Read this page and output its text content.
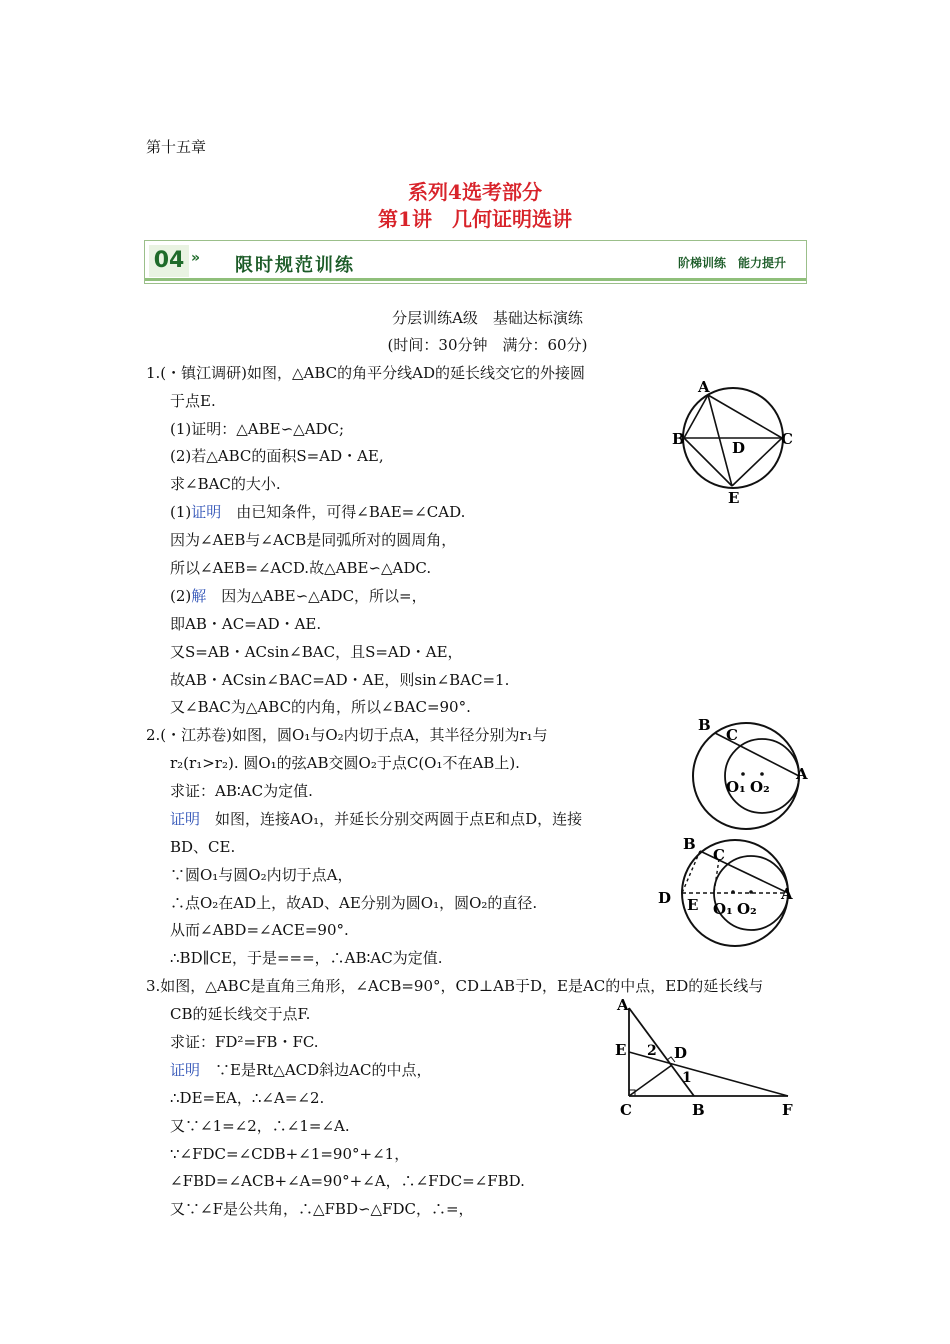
第十五章
系列4选考部分
第1讲　几何证明选讲
04 » 限时规范训练	阶梯训练　能力提升
分层训练A级　基础达标演练
(时间：30分钟　满分：60分)
1.(・镇江调研)如图，△ABC的角平分线AD的延长线交它的外接圆
于点E.
(1)证明：△ABE∽△ADC;
(2)若△ABC的面积S=AD・AE,
求∠BAC的大小.
(1)证明　由已知条件，可得∠BAE=∠CAD.
因为∠AEB与∠ACB是同弧所对的圆周角，
所以∠AEB=∠ACD.故△ABE∽△ADC.
(2)解　因为△ABE∽△ADC，所以=，
即AB・AC=AD・AE.
又S=AB・ACsin∠BAC，且S=AD・AE，
故AB・ACsin∠BAC=AD・AE，则sin∠BAC=1.
又∠BAC为△ABC的内角，所以∠BAC=90°.
2.(・江苏卷)如图，圆O₁与O₂内切于点A，其半径分别为r₁与
r₂(r₁>r₂). 圆O₁的弦AB交圆O₂于点C(O₁不在AB上).
求证：AB∶AC为定值.
证明　如图，连接AO₁，并延长分别交两圆于点E和点D，连接
BD、CE.
∵圆O₁与圆O₂内切于点A，
∴点O₂在AD上，故AD、AE分别为圆O₁，圆O₂的直径.
从而∠ABD=∠ACE=90°.
∴BD∥CE，于是===，∴AB∶AC为定值.
3.如图，△ABC是直角三角形，∠ACB=90°，CD⊥AB于D，E是AC的中点，ED的延长线与
CB的延长线交于点F.
求证：FD²=FB・FC.
证明　∵E是Rt△ACD斜边AC的中点，
∴DE=EA，∴∠A=∠2.
又∵∠1=∠2，∴∠1=∠A.
∵∠FDC=∠CDB+∠1=90°+∠1，
∠FBD=∠ACB+∠A=90°+∠A，∴∠FDC=∠FBD.
又∵∠F是公共角，∴△FBD∽△FDC，∴=，
A
B	C
D
E
B
C
A
O₁ O₂
B
C
D E
A
O₁ O₂
A
E	D
C	B	F
1
2
